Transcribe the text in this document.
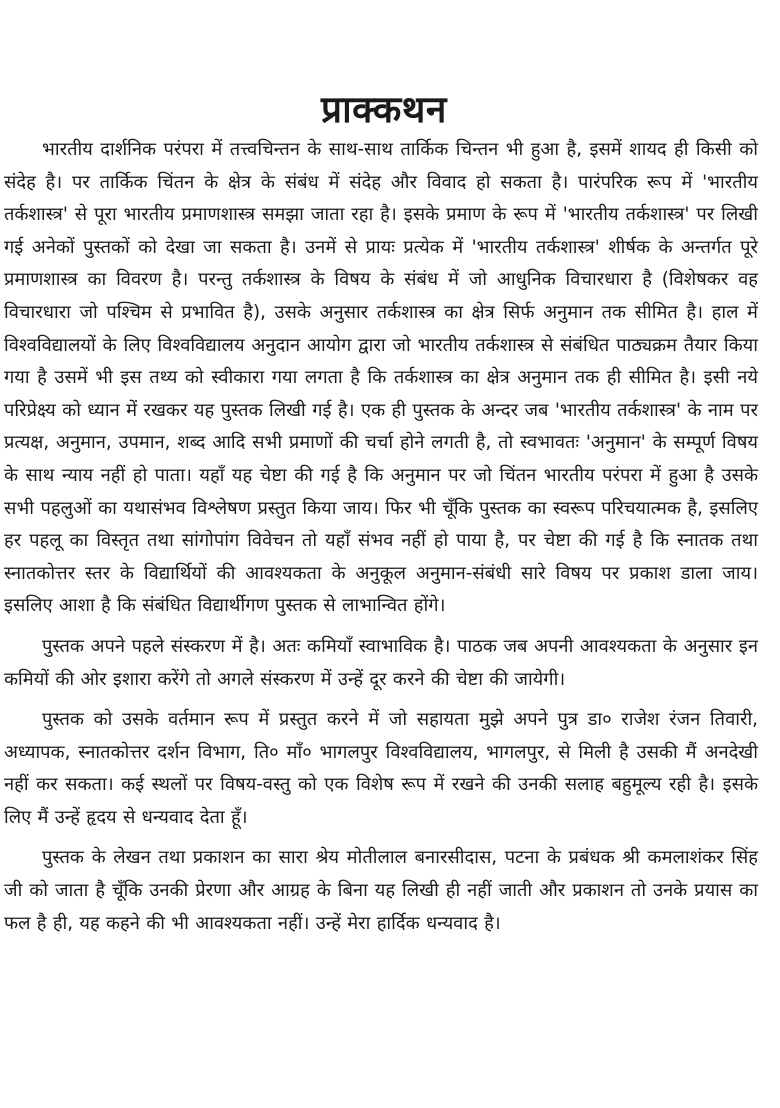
प्राक्कथन

भारतीय दार्शनिक परंपरा में तत्त्वचिन्तन के साथ-साथ तार्किक चिन्तन भी हुआ है, इसमें शायद ही किसी को संदेह है। पर तार्किक चिंतन के क्षेत्र के संबंध में संदेह और विवाद हो सकता है। पारंपरिक रूप में 'भारतीय तर्कशास्त्र' से पूरा भारतीय प्रमाणशास्त्र समझा जाता रहा है। इसके प्रमाण के रूप में 'भारतीय तर्कशास्त्र' पर लिखी गई अनेकों पुस्तकों को देखा जा सकता है। उनमें से प्रायः प्रत्येक में 'भारतीय तर्कशास्त्र' शीर्षक के अन्तर्गत पूरे प्रमाणशास्त्र का विवरण है। परन्तु तर्कशास्त्र के विषय के संबंध में जो आधुनिक विचारधारा है (विशेषकर वह विचारधारा जो पश्चिम से प्रभावित है), उसके अनुसार तर्कशास्त्र का क्षेत्र सिर्फ अनुमान तक सीमित है। हाल में विश्वविद्यालयों के लिए विश्वविद्यालय अनुदान आयोग द्वारा जो भारतीय तर्कशास्त्र से संबंधित पाठ्यक्रम तैयार किया गया है उसमें भी इस तथ्य को स्वीकारा गया लगता है कि तर्कशास्त्र का क्षेत्र अनुमान तक ही सीमित है। इसी नये परिप्रेक्ष्य को ध्यान में रखकर यह पुस्तक लिखी गई है। एक ही पुस्तक के अन्दर जब 'भारतीय तर्कशास्त्र' के नाम पर प्रत्यक्ष, अनुमान, उपमान, शब्द आदि सभी प्रमाणों की चर्चा होने लगती है, तो स्वभावतः 'अनुमान' के सम्पूर्ण विषय के साथ न्याय नहीं हो पाता। यहाँ यह चेष्टा की गई है कि अनुमान पर जो चिंतन भारतीय परंपरा में हुआ है उसके सभी पहलुओं का यथासंभव विश्लेषण प्रस्तुत किया जाय। फिर भी चूँकि पुस्तक का स्वरूप परिचयात्मक है, इसलिए हर पहलू का विस्तृत तथा सांगोपांग विवेचन तो यहाँ संभव नहीं हो पाया है, पर चेष्टा की गई है कि स्नातक तथा स्नातकोत्तर स्तर के विद्यार्थियों की आवश्यकता के अनुकूल अनुमान-संबंधी सारे विषय पर प्रकाश डाला जाय। इसलिए आशा है कि संबंधित विद्यार्थीगण पुस्तक से लाभान्वित होंगे।

पुस्तक अपने पहले संस्करण में है। अतः कमियाँ स्वाभाविक है। पाठक जब अपनी आवश्यकता के अनुसार इन कमियों की ओर इशारा करेंगे तो अगले संस्करण में उन्हें दूर करने की चेष्टा की जायेगी।

पुस्तक को उसके वर्तमान रूप में प्रस्तुत करने में जो सहायता मुझे अपने पुत्र डा० राजेश रंजन तिवारी, अध्यापक, स्नातकोत्तर दर्शन विभाग, ति० माँ० भागलपुर विश्वविद्यालय, भागलपुर, से मिली है उसकी मैं अनदेखी नहीं कर सकता। कई स्थलों पर विषय-वस्तु को एक विशेष रूप में रखने की उनकी सलाह बहुमूल्य रही है। इसके लिए मैं उन्हें हृदय से धन्यवाद देता हूँ।

पुस्तक के लेखन तथा प्रकाशन का सारा श्रेय मोतीलाल बनारसीदास, पटना के प्रबंधक श्री कमलाशंकर सिंह जी को जाता है चूँकि उनकी प्रेरणा और आग्रह के बिना यह लिखी ही नहीं जाती और प्रकाशन तो उनके प्रयास का फल है ही, यह कहने की भी आवश्यकता नहीं। उन्हें मेरा हार्दिक धन्यवाद है।
